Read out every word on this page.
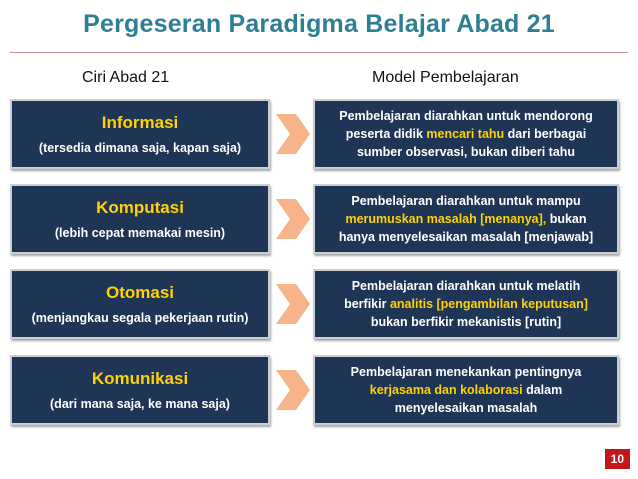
Pergeseran Paradigma Belajar Abad 21
Ciri Abad 21	Model Pembelajaran
Informasi
(tersedia dimana saja, kapan saja)
Pembelajaran diarahkan untuk mendorong
peserta didik mencari tahu dari berbagai
sumber observasi, bukan diberi tahu
Komputasi
(lebih cepat memakai mesin)
Pembelajaran diarahkan untuk mampu
merumuskan masalah [menanya], bukan
hanya menyelesaikan masalah [menjawab]
Otomasi
(menjangkau segala pekerjaan rutin)
Pembelajaran diarahkan untuk melatih
berfikir analitis [pengambilan keputusan]
bukan berfikir mekanistis [rutin]
Komunikasi
(dari mana saja, ke mana saja)
Pembelajaran menekankan pentingnya
kerjasama dan kolaborasi dalam
menyelesaikan masalah
10
